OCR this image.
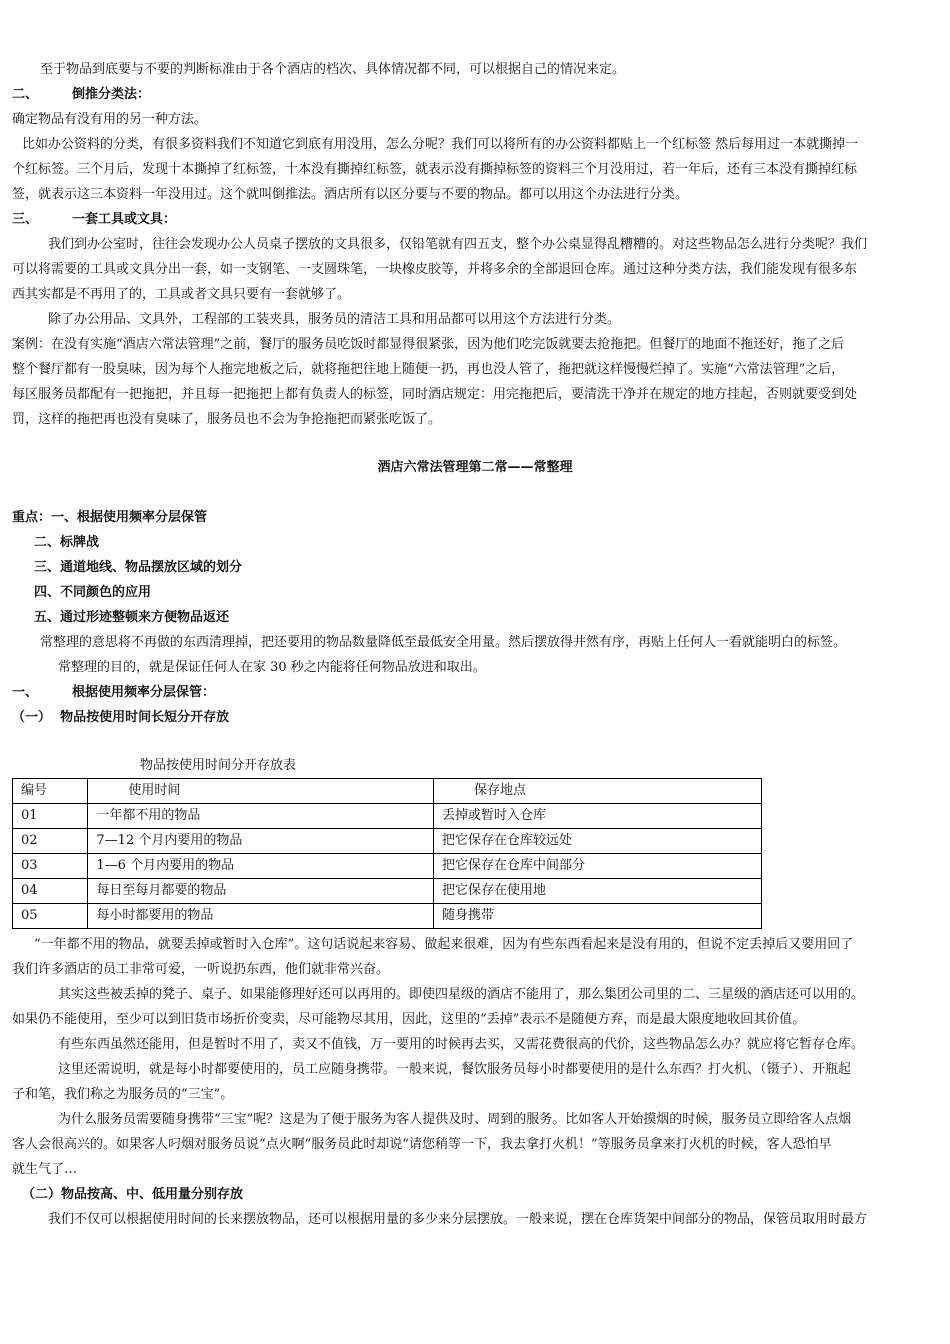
至于物品到底要与不要的判断标准由于各个酒店的档次、具体情况都不同，可以根据自己的情况来定。
二、	倒推分类法：
确定物品有没有用的另一种方法。
比如办公资料的分类，有很多资料我们不知道它到底有用没用，怎么分呢？我们可以将所有的办公资料都贴上一个红标签 然后每用过一本就撕掉一
个红标签。三个月后，发现十本撕掉了红标签，十本没有撕掉红标签，就表示没有撕掉标签的资料三个月没用过，若一年后，还有三本没有撕掉红标
签，就表示这三本资料一年没用过。这个就叫倒推法。酒店所有以区分要与不要的物品。都可以用这个办法进行分类。
三、	一套工具或文具：
我们到办公室时，往往会发现办公人员桌子摆放的文具很多，仅铅笔就有四五支，整个办公桌显得乱糟糟的。对这些物品怎么进行分类呢？我们
可以将需要的工具或文具分出一套，如一支钢笔、一支圆珠笔，一块橡皮胶等，并将多余的全部退回仓库。通过这种分类方法，我们能发现有很多东
西其实都是不再用了的，工具或者文具只要有一套就够了。
除了办公用品、文具外，工程部的工装夹具，服务员的清洁工具和用品都可以用这个方法进行分类。
案例：在没有实施“酒店六常法管理”之前，餐厅的服务员吃饭时都显得很紧张，因为他们吃完饭就要去抢拖把。但餐厅的地面不拖还好，拖了之后
整个餐厅都有一股臭味，因为每个人拖完地板之后，就将拖把往地上随便一扔，再也没人管了，拖把就这样慢慢烂掉了。实施“六常法管理”之后，
每区服务员都配有一把拖把，并且每一把拖把上都有负责人的标签，同时酒店规定：用完拖把后，要清洗干净并在规定的地方挂起，否则就要受到处
罚，这样的拖把再也没有臭味了，服务员也不会为争抢拖把而紧张吃饭了。
酒店六常法管理第二常——常整理
重点：一、根据使用频率分层保管
二、标牌战
三、通道地线、物品摆放区域的划分
四、不同颜色的应用
五、通过形迹整顿来方便物品返还
常整理的意思将不再做的东西清理掉，把还要用的物品数量降低至最低安全用量。然后摆放得井然有序，再贴上任何人一看就能明白的标签。
常整理的目的，就是保证任何人在家 30 秒之内能将任何物品放进和取出。
一、	根据使用频率分层保管：
（一） 物品按使用时间长短分开存放
物品按使用时间分开存放表
编号	使用时间	保存地点
01	一年都不用的物品	丢掉或暂时入仓库
02	7—12 个月内要用的物品	把它保存在仓库较远处
03	1—6 个月内要用的物品	把它保存在仓库中间部分
04	每日至每月都要的物品	把它保存在使用地
05	每小时都要用的物品	随身携带
“一年都不用的物品，就要丢掉或暂时入仓库”。这句话说起来容易、做起来很难，因为有些东西看起来是没有用的，但说不定丢掉后又要用回了
我们许多酒店的员工非常可爱，一听说扔东西，他们就非常兴奋。
其实这些被丢掉的凳子、桌子、如果能修理好还可以再用的。即使四星级的酒店不能用了，那么集团公司里的二、三星级的酒店还可以用的。
如果仍不能使用，至少可以到旧货市场折价变卖，尽可能物尽其用，因此，这里的“丢掉”表示不是随便方弃，而是最大限度地收回其价值。
有些东西虽然还能用，但是暂时不用了，卖又不值钱，万一要用的时候再去买，又需花费很高的代价，这些物品怎么办？就应将它暂存仓库。
这里还需说明，就是每小时都要使用的，员工应随身携带。一般来说，餐饮服务员每小时都要使用的是什么东西？打火机、（镊子）、开瓶起
子和笔，我们称之为服务员的“三宝”。
为什么服务员需要随身携带“三宝”呢？这是为了便于服务为客人提供及时、周到的服务。比如客人开始摸烟的时候，服务员立即给客人点烟
客人会很高兴的。如果客人叼烟对服务员说“点火啊”服务员此时却说“请您稍等一下，我去拿打火机！”等服务员拿来打火机的时候，客人恐怕早
就生气了…
（二）物品按高、中、低用量分别存放
我们不仅可以根据使用时间的长来摆放物品，还可以根据用量的多少来分层摆放。一般来说，摆在仓库货架中间部分的物品，保管员取用时最方
